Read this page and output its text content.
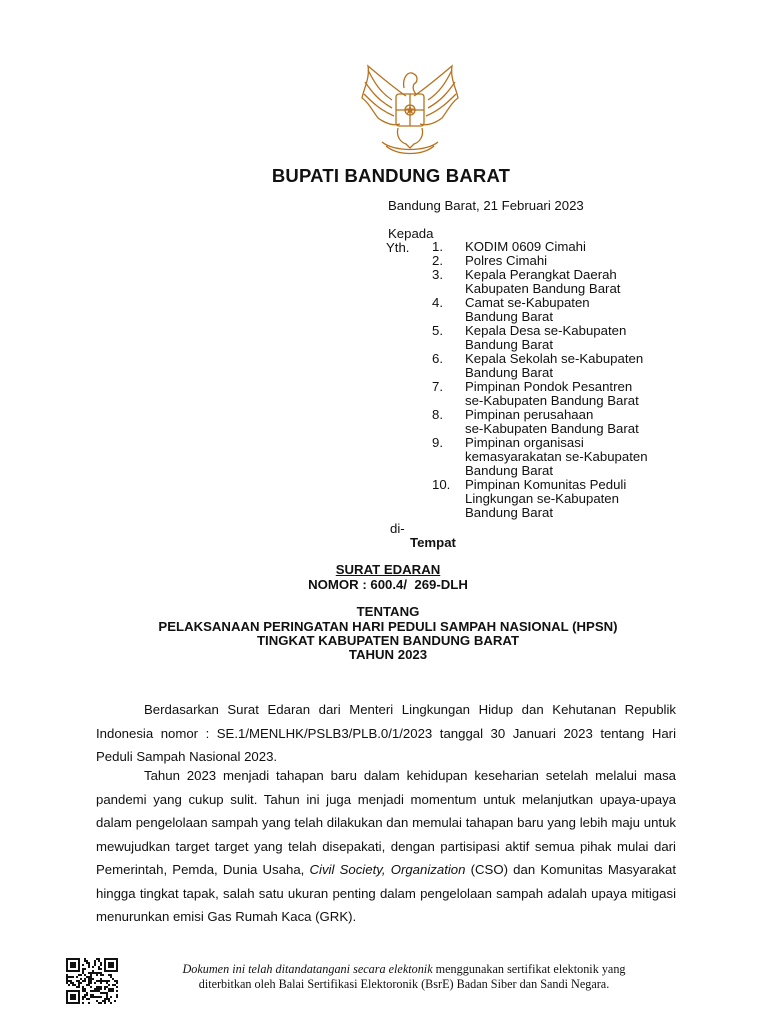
BUPATI BANDUNG BARAT
Bandung Barat, 21 Februari 2023
Kepada
Yth. 1. KODIM 0609 Cimahi
2. Polres Cimahi
3. Kepala Perangkat Daerah
Kabupaten Bandung Barat
4. Camat se-Kabupaten
Bandung Barat
5. Kepala Desa se-Kabupaten
Bandung Barat
6. Kepala Sekolah se-Kabupaten
Bandung Barat
7. Pimpinan Pondok Pesantren
se-Kabupaten Bandung Barat
8. Pimpinan perusahaan
se-Kabupaten Bandung Barat
9. Pimpinan organisasi
kemasyarakatan se-Kabupaten
Bandung Barat
10. Pimpinan Komunitas Peduli
Lingkungan se-Kabupaten
Bandung Barat
di-
Tempat
SURAT EDARAN
NOMOR : 600.4/  269-DLH
TENTANG
PELAKSANAAN PERINGATAN HARI PEDULI SAMPAH NASIONAL (HPSN)
TINGKAT KABUPATEN BANDUNG BARAT
TAHUN 2023
Berdasarkan Surat Edaran dari Menteri Lingkungan Hidup dan Kehutanan Republik Indonesia nomor : SE.1/MENLHK/PSLB3/PLB.0/1/2023 tanggal 30 Januari 2023 tentang Hari Peduli Sampah Nasional 2023.
Tahun 2023 menjadi tahapan baru dalam kehidupan keseharian setelah melalui masa pandemi yang cukup sulit. Tahun ini juga menjadi momentum untuk melanjutkan upaya-upaya dalam pengelolaan sampah yang telah dilakukan dan memulai tahapan baru yang lebih maju untuk mewujudkan target target yang telah disepakati, dengan partisipasi aktif semua pihak mulai dari Pemerintah, Pemda, Dunia Usaha, Civil Society, Organization (CSO) dan Komunitas Masyarakat hingga tingkat tapak, salah satu ukuran penting dalam pengelolaan sampah adalah upaya mitigasi menurunkan emisi Gas Rumah Kaca (GRK).
Dokumen ini telah ditandatangani secara elektonik menggunakan sertifikat elektonik yang
diterbitkan oleh Balai Sertifikasi Elektoronik (BsrE) Badan Siber dan Sandi Negara.
